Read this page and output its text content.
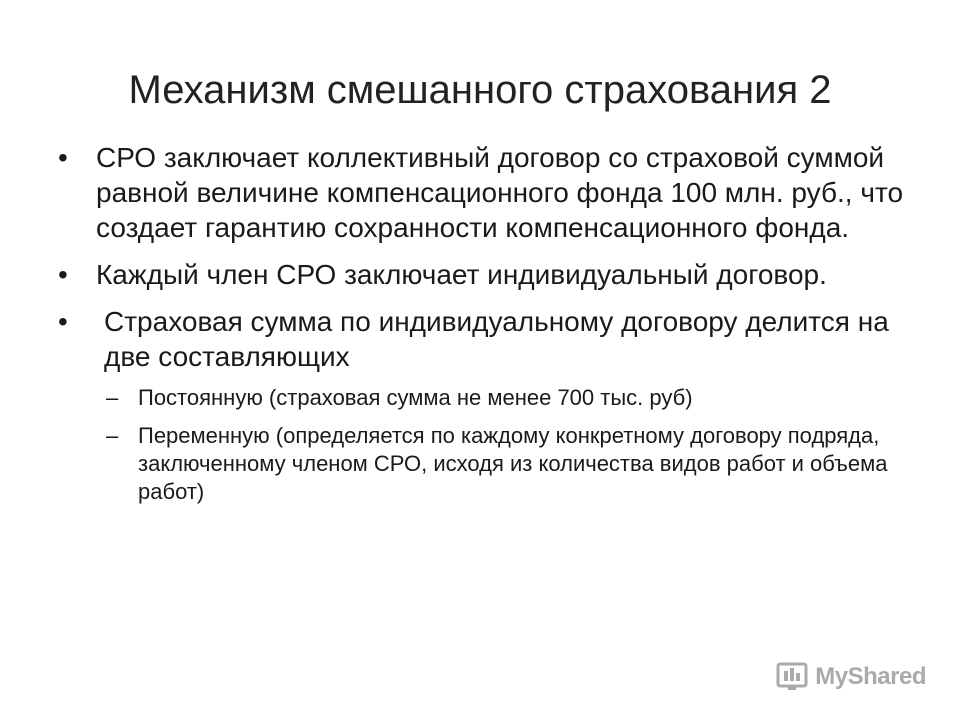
Механизм смешанного страхования 2
•	СРО заключает коллективный договор со страховой суммой равной величине компенсационного фонда 100 млн. руб., что создает гарантию сохранности компенсационного фонда.
•	Каждый член СРО заключает индивидуальный договор.
•	Страховая сумма по индивидуальному договору делится на две составляющих
– Постоянную (страховая сумма не менее 700 тыс. руб)
– Переменную (определяется по каждому конкретному договору подряда, заключенному членом СРО, исходя из количества видов работ и объема работ)
MyShared
